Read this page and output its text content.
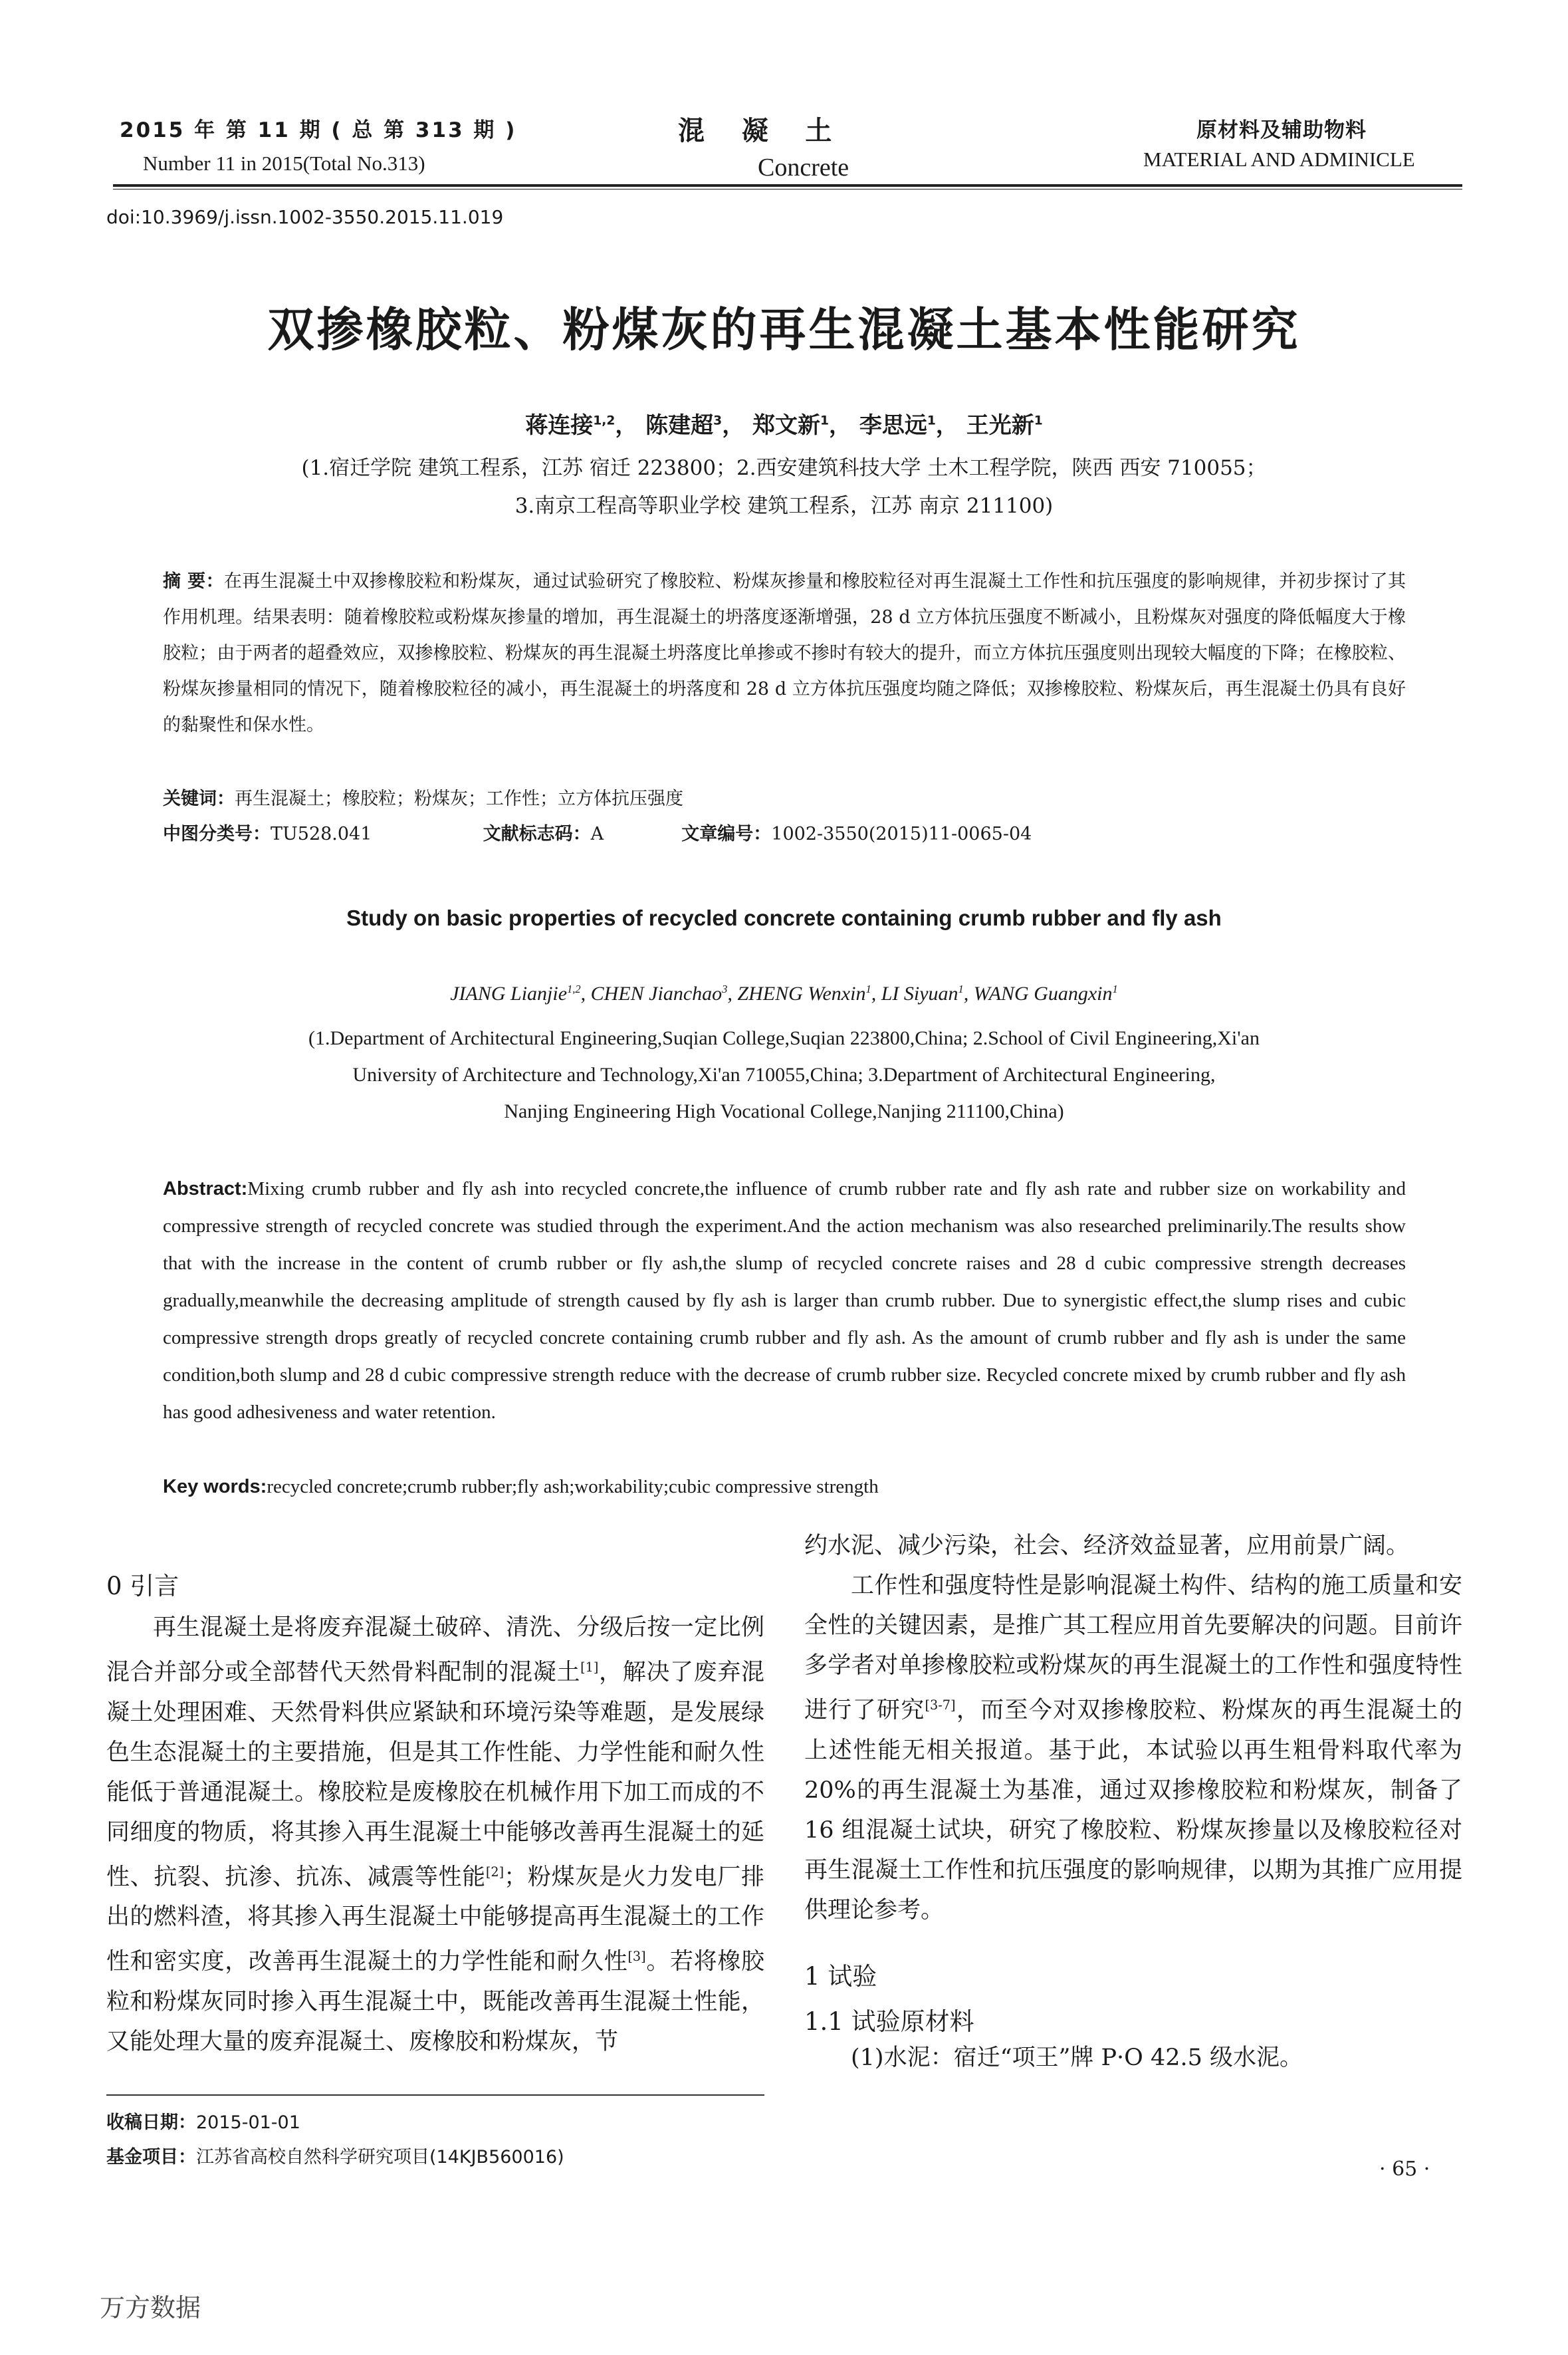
2015 年 第 11 期 ( 总 第 313 期 )
Number 11 in 2015(Total No.313)
混    凝    土
Concrete
原材料及辅助物料
MATERIAL AND ADMINICLE
doi:10.3969/j.issn.1002-3550.2015.11.019
双掺橡胶粒、粉煤灰的再生混凝土基本性能研究
蒋连接$^{1,2}$， 陈建超$^3$， 郑文新$^1$， 李思远$^1$， 王光新$^1$
(1.宿迁学院 建筑工程系，江苏 宿迁 223800；2.西安建筑科技大学 土木工程学院，陕西 西安 710055；
3.南京工程高等职业学校 建筑工程系，江苏 南京 211100)
摘 要：在再生混凝土中双掺橡胶粒和粉煤灰，通过试验研究了橡胶粒、粉煤灰掺量和橡胶粒径对再生混凝土工作性和抗压强度的影响规律，并初步探讨了其作用机理。结果表明：随着橡胶粒或粉煤灰掺量的增加，再生混凝土的坍落度逐渐增强，28 d 立方体抗压强度不断减小，且粉煤灰对强度的降低幅度大于橡胶粒；由于两者的超叠效应，双掺橡胶粒、粉煤灰的再生混凝土坍落度比单掺或不掺时有较大的提升，而立方体抗压强度则出现较大幅度的下降；在橡胶粒、粉煤灰掺量相同的情况下，随着橡胶粒径的减小，再生混凝土的坍落度和 28 d 立方体抗压强度均随之降低；双掺橡胶粒、粉煤灰后，再生混凝土仍具有良好的黏聚性和保水性。
关键词：再生混凝土；橡胶粒；粉煤灰；工作性；立方体抗压强度
中图分类号：TU528.041	文献标志码：A	文章编号：1002-3550(2015)11-0065-04
Study on basic properties of recycled concrete containing crumb rubber and fly ash
JIANG Lianjie$^{1,2}$, CHEN Jianchao$^3$, ZHENG Wenxin$^1$, LI Siyuan$^1$, WANG Guangxin$^1$
(1.Department of Architectural Engineering,Suqian College,Suqian 223800,China; 2.School of Civil Engineering,Xi'an
University of Architecture and Technology,Xi'an 710055,China; 3.Department of Architectural Engineering,
Nanjing Engineering High Vocational College,Nanjing 211100,China)
Abstract:Mixing crumb rubber and fly ash into recycled concrete,the influence of crumb rubber rate and fly ash rate and rubber size on workability and compressive strength of recycled concrete was studied through the experiment.And the action mechanism was also researched preliminarily.The results show that with the increase in the content of crumb rubber or fly ash,the slump of recycled concrete raises and 28 d cubic compressive strength decreases gradually,meanwhile the decreasing amplitude of strength caused by fly ash is larger than crumb rubber. Due to synergistic effect,the slump rises and cubic compressive strength drops greatly of recycled concrete containing crumb rubber and fly ash. As the amount of crumb rubber and fly ash is under the same condition,both slump and 28 d cubic compressive strength reduce with the decrease of crumb rubber size. Recycled concrete mixed by crumb rubber and fly ash has good adhesiveness and water retention.
Key words:recycled concrete;crumb rubber;fly ash;workability;cubic compressive strength
0 引言

再生混凝土是将废弃混凝土破碎、清洗、分级后按一定比例混合并部分或全部替代天然骨料配制的混凝土[1]，解决了废弃混凝土处理困难、天然骨料供应紧缺和环境污染等难题，是发展绿色生态混凝土的主要措施，但是其工作性能、力学性能和耐久性能低于普通混凝土。橡胶粒是废橡胶在机械作用下加工而成的不同细度的物质，将其掺入再生混凝土中能够改善再生混凝土的延性、抗裂、抗渗、抗冻、减震等性能[2]；粉煤灰是火力发电厂排出的燃料渣，将其掺入再生混凝土中能够提高再生混凝土的工作性和密实度，改善再生混凝土的力学性能和耐久性[3]。若将橡胶粒和粉煤灰同时掺入再生混凝土中，既能改善再生混凝土性能，又能处理大量的废弃混凝土、废橡胶和粉煤灰，节

约水泥、减少污染，社会、经济效益显著，应用前景广阔。

工作性和强度特性是影响混凝土构件、结构的施工质量和安全性的关键因素，是推广其工程应用首先要解决的问题。目前许多学者对单掺橡胶粒或粉煤灰的再生混凝土的工作性和强度特性进行了研究[3-7]，而至今对双掺橡胶粒、粉煤灰的再生混凝土的上述性能无相关报道。基于此，本试验以再生粗骨料取代率为 20%的再生混凝土为基准，通过双掺橡胶粒和粉煤灰，制备了 16 组混凝土试块，研究了橡胶粒、粉煤灰掺量以及橡胶粒径对再生混凝土工作性和抗压强度的影响规律，以期为其推广应用提供理论参考。

1 试验
1.1 试验原材料
(1)水泥：宿迁“项王”牌 P·O 42.5 级水泥。
收稿日期：2015-01-01
基金项目：江苏省高校自然科学研究项目(14KJB560016)
· 65 ·
万方数据
